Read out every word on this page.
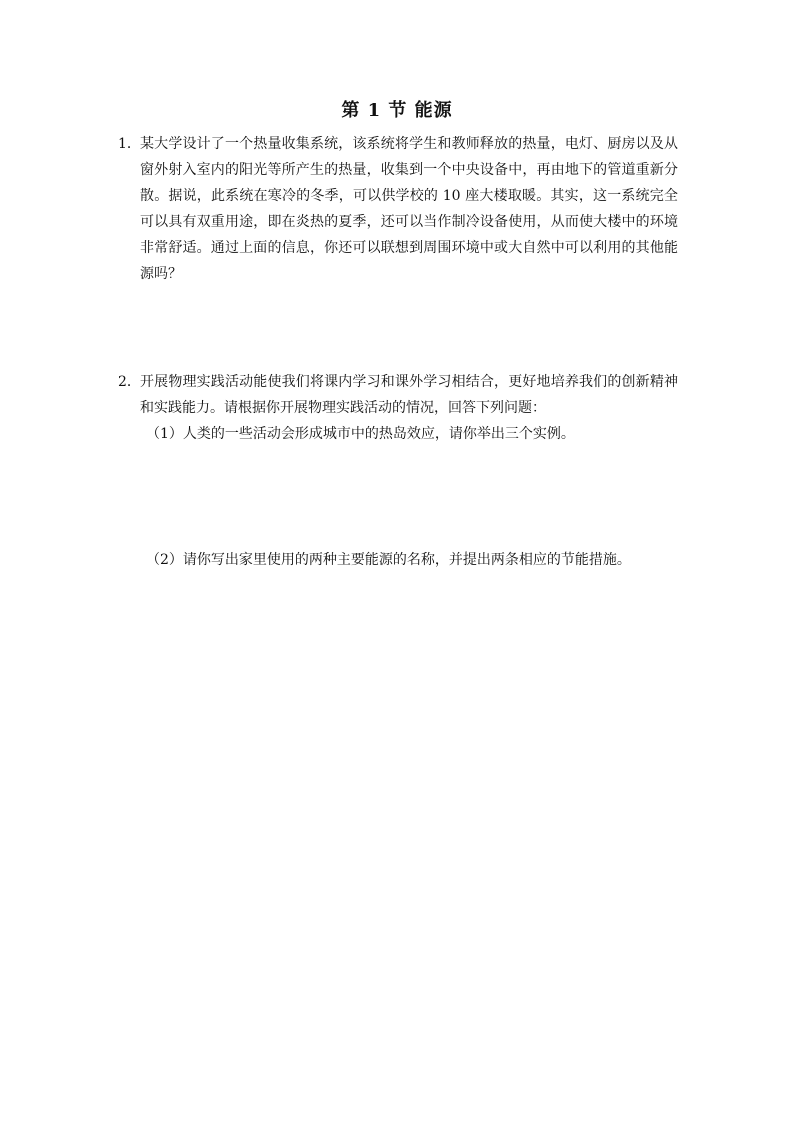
第 1 节 能源
1． 某大学设计了一个热量收集系统，该系统将学生和教师释放的热量，电灯、厨房以及从窗外射入室内的阳光等所产生的热量，收集到一个中央设备中，再由地下的管道重新分散。据说，此系统在寒冷的冬季，可以供学校的 10 座大楼取暖。其实，这一系统完全可以具有双重用途，即在炎热的夏季，还可以当作制冷设备使用，从而使大楼中的环境非常舒适。通过上面的信息，你还可以联想到周围环境中或大自然中可以利用的其他能源吗？
2． 开展物理实践活动能使我们将课内学习和课外学习相结合，更好地培养我们的创新精神和实践能力。请根据你开展物理实践活动的情况，回答下列问题：
（1）人类的一些活动会形成城市中的热岛效应，请你举出三个实例。
（2）请你写出家里使用的两种主要能源的名称，并提出两条相应的节能措施。
